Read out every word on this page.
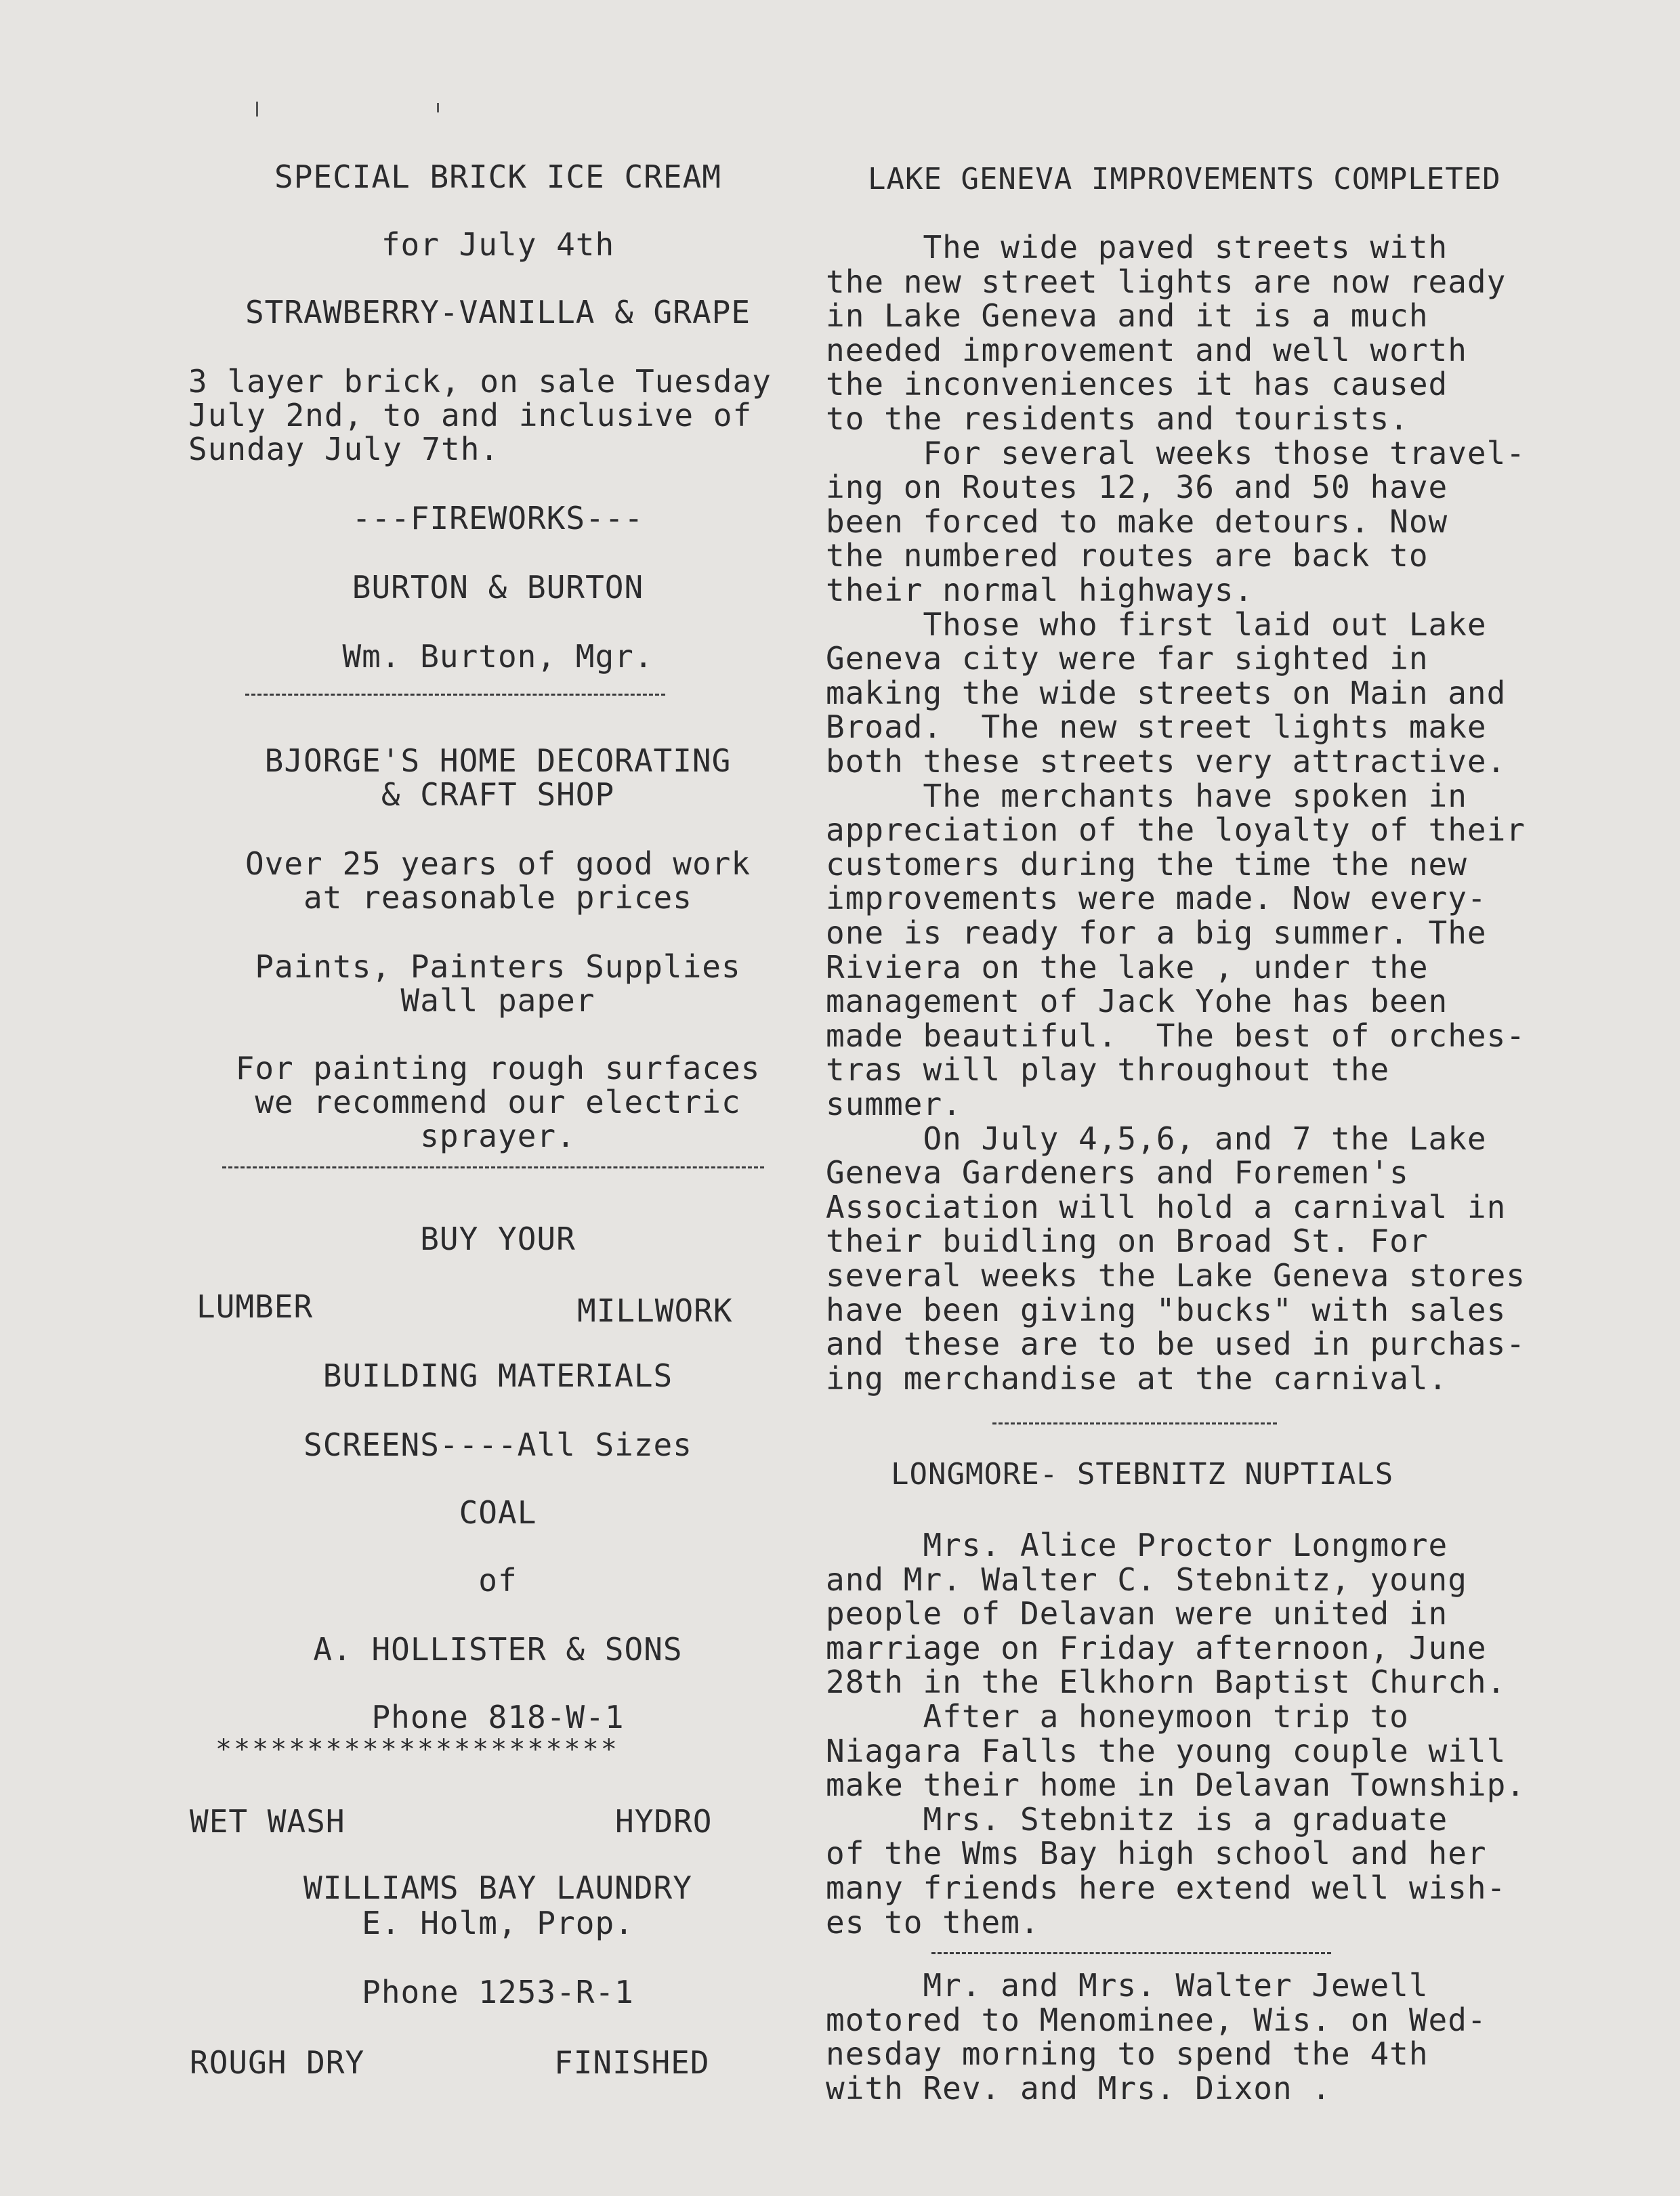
SPECIAL BRICK ICE CREAM
for July 4th
STRAWBERRY-VANILLA & GRAPE
3 layer brick, on sale Tuesday
July 2nd, to and inclusive of
Sunday July 7th.
---FIREWORKS---
BURTON & BURTON
Wm. Burton, Mgr.
BJORGE'S HOME DECORATING
& CRAFT SHOP
Over 25 years of good work
at reasonable prices
Paints, Painters Supplies
Wall paper
For painting rough surfaces
we recommend our electric
sprayer.
BUY YOUR
LUMBER	MILLWORK
BUILDING MATERIALS
SCREENS----All Sizes
COAL
of
A. HOLLISTER & SONS
Phone 818-W-1
**********************
WET WASH	HYDRO
WILLIAMS BAY LAUNDRY
E. Holm, Prop.
Phone 1253-R-1
ROUGH DRY	FINISHED
LAKE GENEVA IMPROVEMENTS COMPLETED
The wide paved streets with
the new street lights are now ready
in Lake Geneva and it is a much
needed improvement and well worth
the inconveniences it has caused
to the residents and tourists.
For several weeks those travel-
ing on Routes 12, 36 and 50 have
been forced to make detours. Now
the numbered routes are back to
their normal highways.
Those who first laid out Lake
Geneva city were far sighted in
making the wide streets on Main and
Broad.  The new street lights make
both these streets very attractive.
The merchants have spoken in
appreciation of the loyalty of their
customers during the time the new
improvements were made. Now every-
one is ready for a big summer. The
Riviera on the lake , under the
management of Jack Yohe has been
made beautiful.  The best of orches-
tras will play throughout the
summer.
On July 4,5,6, and 7 the Lake
Geneva Gardeners and Foremen's
Association will hold a carnival in
their buidling on Broad St. For
several weeks the Lake Geneva stores
have been giving "bucks" with sales
and these are to be used in purchas-
ing merchandise at the carnival.
LONGMORE- STEBNITZ NUPTIALS
Mrs. Alice Proctor Longmore
and Mr. Walter C. Stebnitz, young
people of Delavan were united in
marriage on Friday afternoon, June
28th in the Elkhorn Baptist Church.
After a honeymoon trip to
Niagara Falls the young couple will
make their home in Delavan Township.
Mrs. Stebnitz is a graduate
of the Wms Bay high school and her
many friends here extend well wish-
es to them.
Mr. and Mrs. Walter Jewell
motored to Menominee, Wis. on Wed-
nesday morning to spend the 4th
with Rev. and Mrs. Dixon .
